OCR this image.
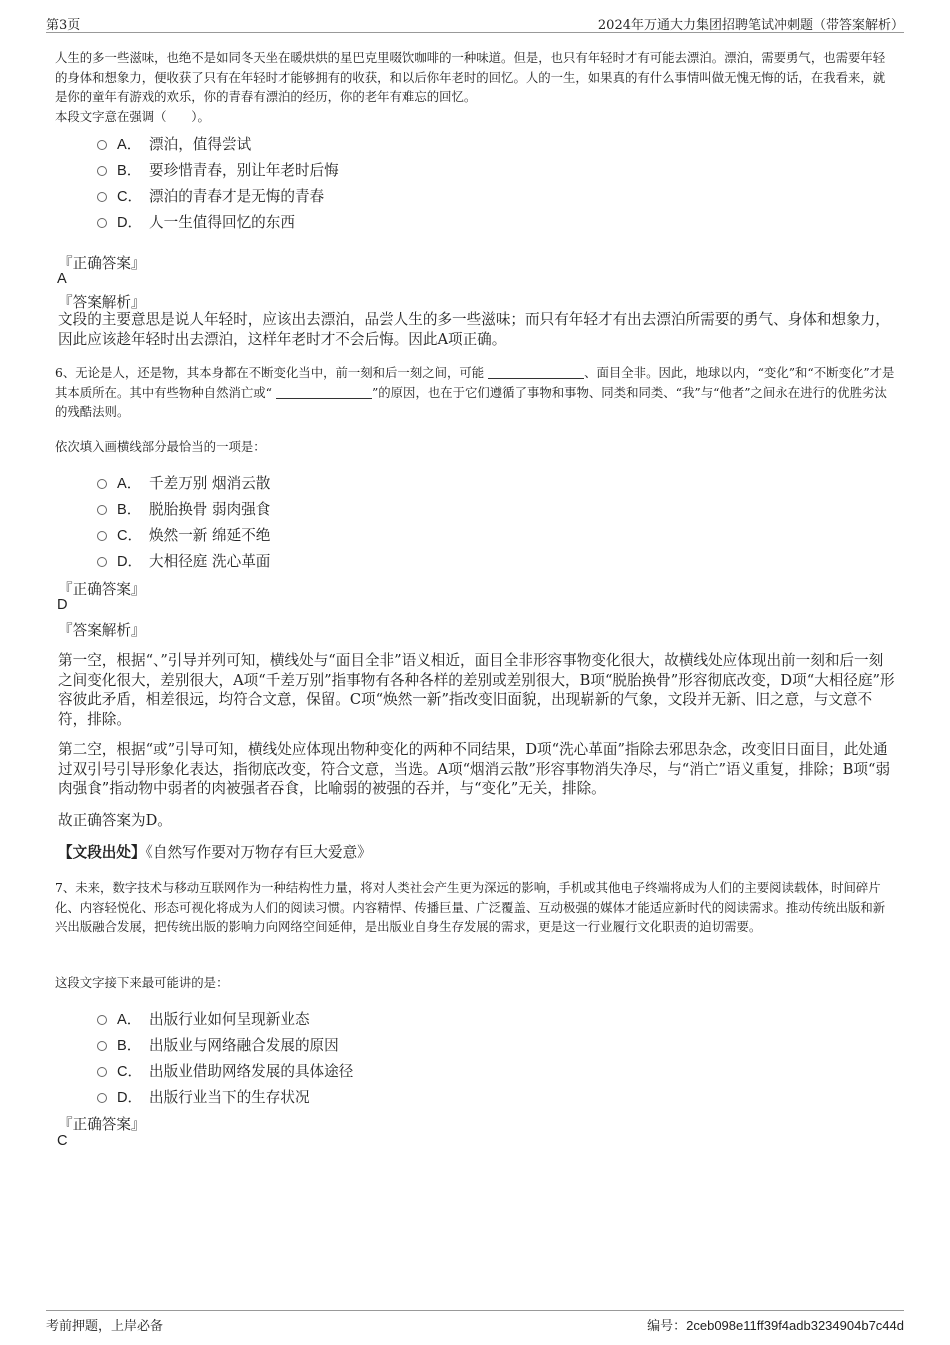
第3页	2024年万通大力集团招聘笔试冲刺题（带答案解析）
人生的多一些滋味，也绝不是如同冬天坐在暖烘烘的星巴克里啜饮咖啡的一种味道。但是，也只有年轻时才有可能去漂泊。漂泊，需要勇气，也需要年轻的身体和想象力，便收获了只有在年轻时才能够拥有的收获，和以后你年老时的回忆。人的一生，如果真的有什么事情叫做无愧无悔的话，在我看来，就是你的童年有游戏的欢乐，你的青春有漂泊的经历，你的老年有难忘的回忆。
本段文字意在强调（　　）。
A． 漂泊，值得尝试
B． 要珍惜青春，别让年老时后悔
C． 漂泊的青春才是无悔的青春
D． 人一生值得回忆的东西
『正确答案』
A
『答案解析』
文段的主要意思是说人年轻时，应该出去漂泊，品尝人生的多一些滋味；而只有年轻才有出去漂泊所需要的勇气、身体和想象力，因此应该趁年轻时出去漂泊，这样年老时才不会后悔。因此A项正确。
6、无论是人，还是物，其本身都在不断变化当中，前一刻和后一刻之间，可能	、面目全非。因此，地球以内，“变化”和“不断变化”才是其本质所在。其中有些物种自然消亡或“	”的原因，也在于它们遵循了事物和事物、同类和同类、“我”与“他者”之间永在进行的优胜劣汰的残酷法则。
依次填入画横线部分最恰当的一项是：
A． 千差万别 烟消云散
B． 脱胎换骨 弱肉强食
C． 焕然一新 绵延不绝
D． 大相径庭 洗心革面
『正确答案』
D
『答案解析』
第一空，根据“、”引导并列可知，横线处与“面目全非”语义相近，面目全非形容事物变化很大，故横线处应体现出前一刻和后一刻之间变化很大，差别很大，A项“千差万别”指事物有各种各样的差别或差别很大，B项“脱胎换骨”形容彻底改变，D项“大相径庭”形容彼此矛盾，相差很远，均符合文意，保留。C项“焕然一新”指改变旧面貌，出现崭新的气象，文段并无新、旧之意，与文意不符，排除。
第二空，根据“或”引导可知，横线处应体现出物种变化的两种不同结果，D项“洗心革面”指除去邪思杂念，改变旧日面目，此处通过双引号引导形象化表达，指彻底改变，符合文意，当选。A项“烟消云散”形容事物消失净尽，与“消亡”语义重复，排除；B项“弱肉强食”指动物中弱者的肉被强者吞食，比喻弱的被强的吞并，与“变化”无关，排除。
故正确答案为D。
【文段出处】《自然写作要对万物存有巨大爱意》
7、未来，数字技术与移动互联网作为一种结构性力量，将对人类社会产生更为深远的影响，手机或其他电子终端将成为人们的主要阅读载体，时间碎片化、内容轻悦化、形态可视化将成为人们的阅读习惯。内容精悍、传播巨量、广泛覆盖、互动极强的媒体才能适应新时代的阅读需求。推动传统出版和新兴出版融合发展，把传统出版的影响力向网络空间延伸，是出版业自身生存发展的需求，更是这一行业履行文化职责的迫切需要。
这段文字接下来最可能讲的是：
A． 出版行业如何呈现新业态
B． 出版业与网络融合发展的原因
C． 出版业借助网络发展的具体途径
D． 出版行业当下的生存状况
『正确答案』
C
考前押题，上岸必备	编号：2ceb098e11ff39f4adb3234904b7c44d
